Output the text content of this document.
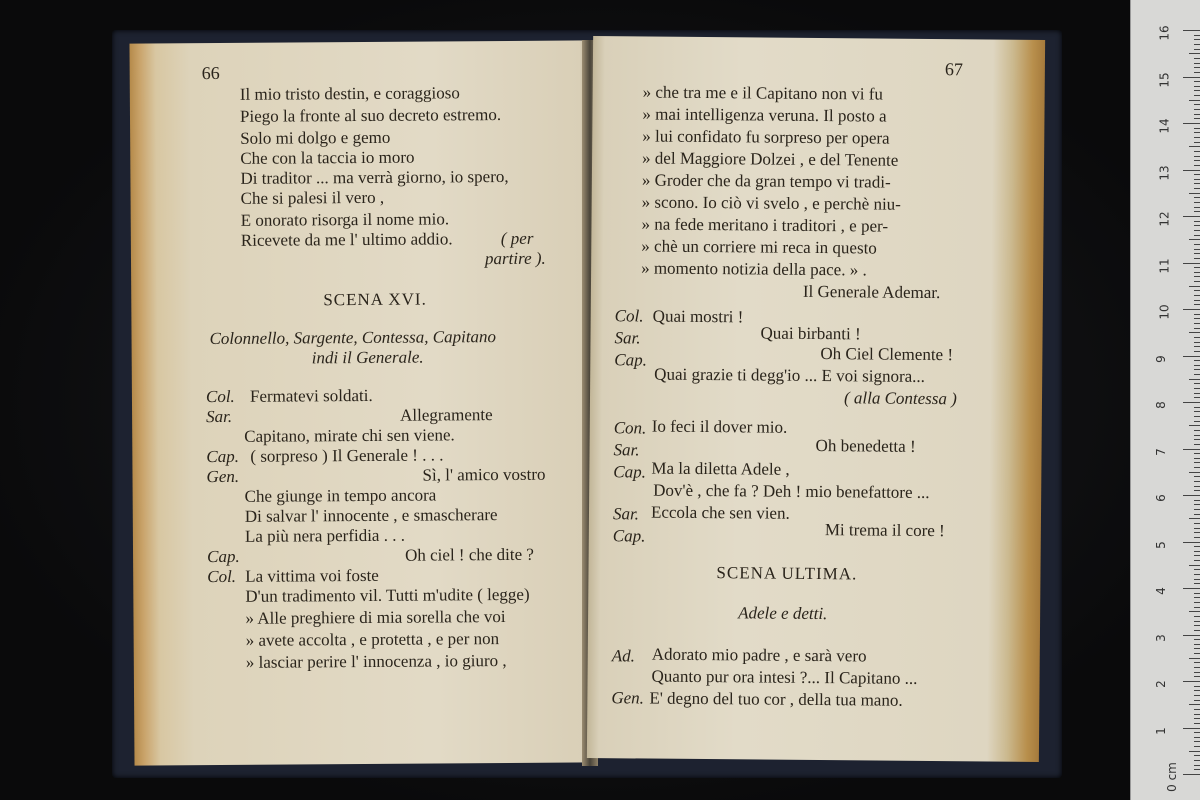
66
Il mio tristo destin, e coraggioso
Piego la fronte al suo decreto estremo.
Solo mi dolgo e gemo
Che con la taccia io moro
Di traditor ... ma verrà giorno, io spero,
Che si palesi il vero ,
E onorato risorga il nome mio.
Ricevete da me l' ultimo addio.	( per
partire ).
SCENA XVI.
Colonnello, Sargente, Contessa, Capitano
indi il Generale.
Col. Fermatevi soldati.
Sar.	Allegramente
Capitano, mirate chi sen viene.
Cap. ( sorpreso ) Il Generale ! . . .
Gen.	Sì, l' amico vostro
Che giunge in tempo ancora
Di salvar l' innocente , e smascherare
La più nera perfidia . . .
Cap.	Oh ciel ! che dite ?
Col. La vittima voi foste
D'un tradimento vil. Tutti m'udite ( legge)
» Alle preghiere di mia sorella che voi
» avete accolta , e protetta , e per non
» lasciar perire l' innocenza , io giuro ,
67
» che tra me e il Capitano non vi fu
» mai intelligenza veruna. Il posto a
» lui confidato fu sorpreso per opera
» del Maggiore Dolzei , e del Tenente
» Groder che da gran tempo vi tradi-
» scono. Io ciò vi svelo , e perchè niu-
» na fede meritano i traditori , e per-
» chè un corriere mi reca in questo
» momento notizia della pace. » .
Il Generale Ademar.
Col. Quai mostri !
Sar.	Quai birbanti !
Cap.	Oh Ciel Clemente !
Quai grazie ti degg'io ... E voi signora...
( alla Contessa )
Con. Io feci il dover mio.
Sar.	Oh benedetta !
Cap. Ma la diletta Adele ,
Dov'è , che fa ? Deh ! mio benefattore ...
Sar. Eccola che sen vien.
Cap.	Mi trema il core !
SCENA ULTIMA.
Adele e detti.
Ad. Adorato mio padre , e sarà vero
Quanto pur ora intesi ?... Il Capitano ...
Gen. E' degno del tuo cor , della tua mano.
16
15
14
13
12
11
10
9
8
7
6
5
4
3
2
1
0 cm
